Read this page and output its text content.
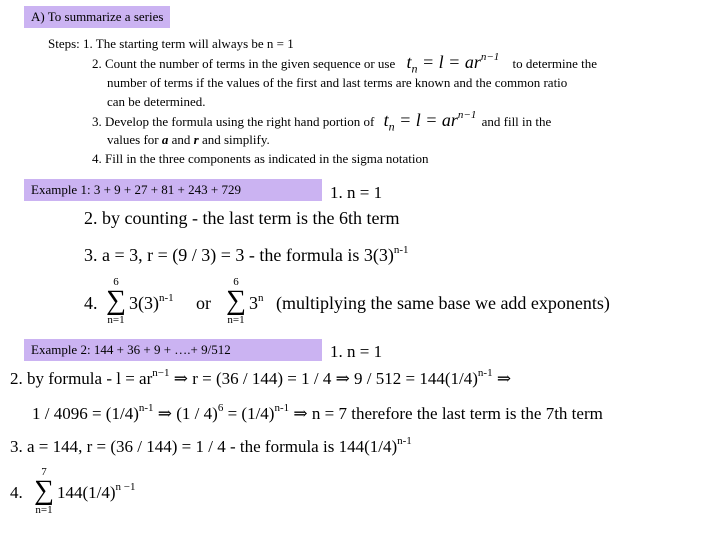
A) To summarize a series
Steps: 1. The starting term will always be n = 1
2. Count the number of terms in the given sequence or use $t_n = l = ar^{n-1}$ to determine the
number of terms if the values of the first and last terms are known and the common ratio
can be determined.
3. Develop the formula using the right hand portion of $t_n = l = ar^{n-1}$ and fill in the
values for a and r and simplify.
4. Fill in the three components as indicated in the sigma notation
Example 1: 3 + 9 + 27 + 81 + 243 + 729	1. n = 1
2. by counting - the last term is the 6th term
3. a = 3, r = (9 / 3) = 3 - the formula is $3(3)^{n-1}$
4.
6
∑
n=1
$3(3)^{n-1}$ or
6
∑
n=1
3$^n$ (multiplying the same base we add exponents)
Example 2: 144 + 36 + 9 + ….+ 9/512	1. n = 1
2. by formula - $l = ar^{n-1}$ ⇒ r = (36 / 144) = 1 / 4 ⇒ $9 / 512 = 144(1/4)^{n-1}$ ⇒
$1 / 4096 = (1/4)^{n-1}$ ⇒ $(1 / 4)^6 = (1/4)^{n-1}$ ⇒ n = 7 therefore the last term is the 7th term
3. a = 144, r = (36 / 144) = 1 / 4 - the formula is $144(1/4)^{n-1}$
4.
7
∑
n=1
$144(1/4)^{n -1}$
